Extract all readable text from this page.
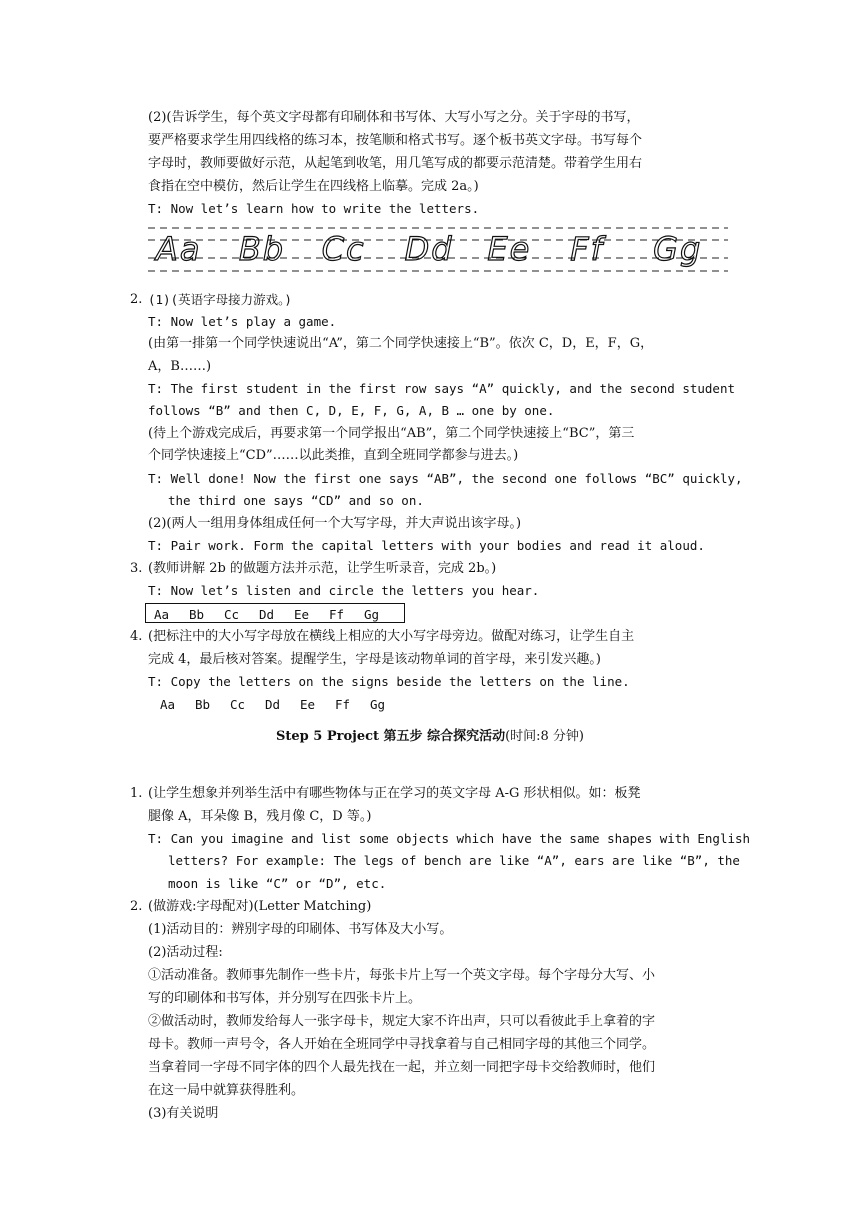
(2)(告诉学生，每个英文字母都有印刷体和书写体、大写小写之分。关于字母的书写，
要严格要求学生用四线格的练习本，按笔顺和格式书写。逐个板书英文字母。书写每个
字母时，教师要做好示范，从起笔到收笔，用几笔写成的都要示范清楚。带着学生用右
食指在空中模仿，然后让学生在四线格上临摹。完成 2a。)
T: Now let’s learn how to write the letters.
Aa Bb Cc Dd Ee Ff Gg
2. (1)(英语字母接力游戏。)
T: Now let’s play a game.
(由第一排第一个同学快速说出“A”，第二个同学快速接上“B”。依次 C，D，E，F，G，
A，B……)
T: The first student in the first row says “A” quickly, and the second student
follows “B” and then C, D, E, F, G, A, B … one by one.
(待上个游戏完成后，再要求第一个同学报出“AB”，第二个同学快速接上“BC”，第三
个同学快速接上“CD”……以此类推，直到全班同学都参与进去。)
T: Well done! Now the first one says “AB”, the second one follows “BC” quickly,
the third one says “CD” and so on.
(2)(两人一组用身体组成任何一个大写字母，并大声说出该字母。)
T: Pair work. Form the capital letters with your bodies and read it aloud.
3. (教师讲解 2b 的做题方法并示范，让学生听录音，完成 2b。)
T: Now let’s listen and circle the letters you hear.
Aa Bb Cc Dd Ee Ff Gg
4. (把标注中的大小写字母放在横线上相应的大小写字母旁边。做配对练习，让学生自主
完成 4，最后核对答案。提醒学生，字母是该动物单词的首字母，来引发兴趣。)
T: Copy the letters on the signs beside the letters on the line.
Aa Bb Cc Dd Ee Ff Gg
Step 5 Project 第五步 综合探究活动(时间:8 分钟)
1. (让学生想象并列举生活中有哪些物体与正在学习的英文字母 A-G 形状相似。如：板凳
腿像 A，耳朵像 B，残月像 C，D 等。)
T: Can you imagine and list some objects which have the same shapes with English
letters? For example: The legs of bench are like “A”, ears are like “B”, the
moon is like “C” or “D”, etc.
2. (做游戏:字母配对)(Letter Matching)
(1)活动目的：辨别字母的印刷体、书写体及大小写。
(2)活动过程:
①活动准备。教师事先制作一些卡片，每张卡片上写一个英文字母。每个字母分大写、小
写的印刷体和书写体，并分别写在四张卡片上。
②做活动时，教师发给每人一张字母卡，规定大家不许出声，只可以看彼此手上拿着的字
母卡。教师一声号令，各人开始在全班同学中寻找拿着与自己相同字母的其他三个同学。
当拿着同一字母不同字体的四个人最先找在一起，并立刻一同把字母卡交给教师时，他们
在这一局中就算获得胜利。
(3)有关说明
